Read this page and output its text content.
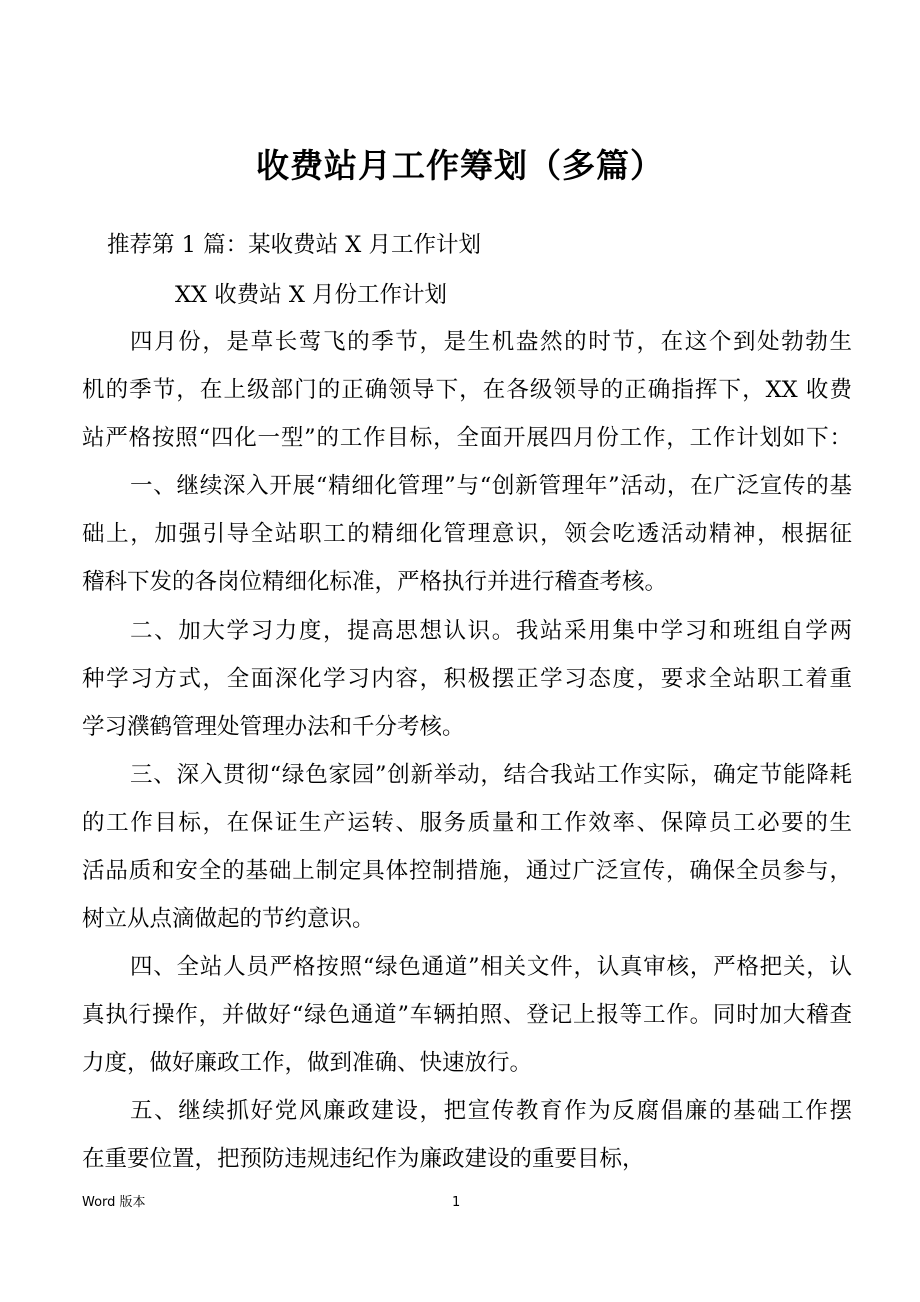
收费站月工作筹划（多篇）
推荐第 1 篇：某收费站 X 月工作计划
XX 收费站 X 月份工作计划
四月份，是草长莺飞的季节，是生机盎然的时节，在这个到处勃勃生
机的季节，在上级部门的正确领导下，在各级领导的正确指挥下，XX 收费
站严格按照“四化一型”的工作目标，全面开展四月份工作，工作计划如下：
一、继续深入开展“精细化管理”与“创新管理年”活动，在广泛宣传的基
础上，加强引导全站职工的精细化管理意识，领会吃透活动精神，根据征
稽科下发的各岗位精细化标准，严格执行并进行稽查考核。
二、加大学习力度，提高思想认识。我站采用集中学习和班组自学两
种学习方式，全面深化学习内容，积极摆正学习态度，要求全站职工着重
学习濮鹤管理处管理办法和千分考核。
三、深入贯彻“绿色家园”创新举动，结合我站工作实际，确定节能降耗
的工作目标，在保证生产运转、服务质量和工作效率、保障员工必要的生
活品质和安全的基础上制定具体控制措施，通过广泛宣传，确保全员参与，
树立从点滴做起的节约意识。
四、全站人员严格按照“绿色通道”相关文件，认真审核，严格把关，认
真执行操作，并做好“绿色通道”车辆拍照、登记上报等工作。同时加大稽查
力度，做好廉政工作，做到准确、快速放行。
五、继续抓好党风廉政建设，把宣传教育作为反腐倡廉的基础工作摆
在重要位置，把预防违规违纪作为廉政建设的重要目标，
Word 版本	1
